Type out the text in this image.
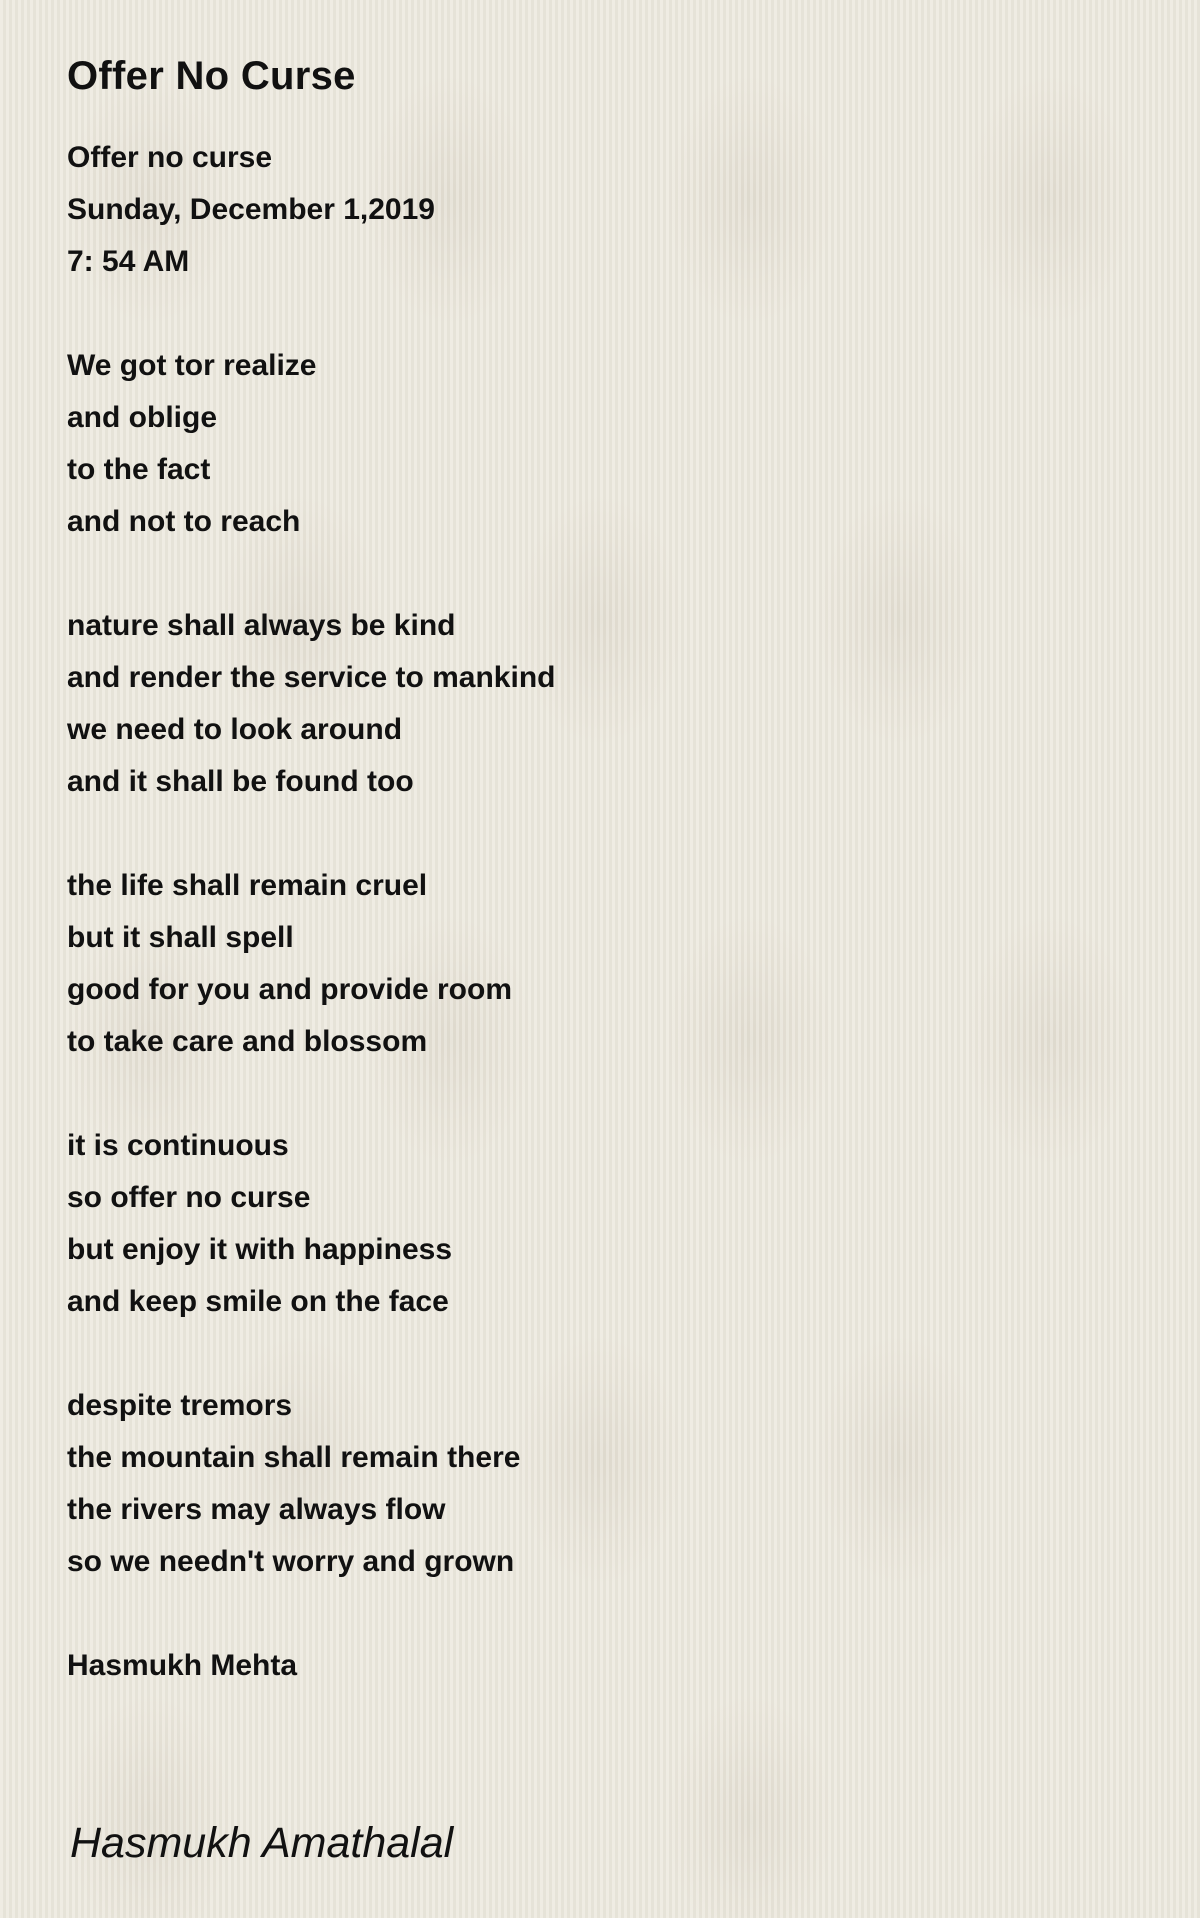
Offer No Curse
Offer no curse
Sunday, December 1,2019
7: 54 AM
We got tor realize
and oblige
to the fact
and not to reach
nature shall always be kind
and render the service to mankind
we need to look around
and it shall be found too
the life shall remain cruel
but it shall spell
good for you and provide room
to take care and blossom
it is continuous
so offer no curse
but enjoy it with happiness
and keep smile on the face
despite tremors
the mountain shall remain there
the rivers may always flow
so we needn't worry and grown
Hasmukh Mehta
Hasmukh Amathalal
